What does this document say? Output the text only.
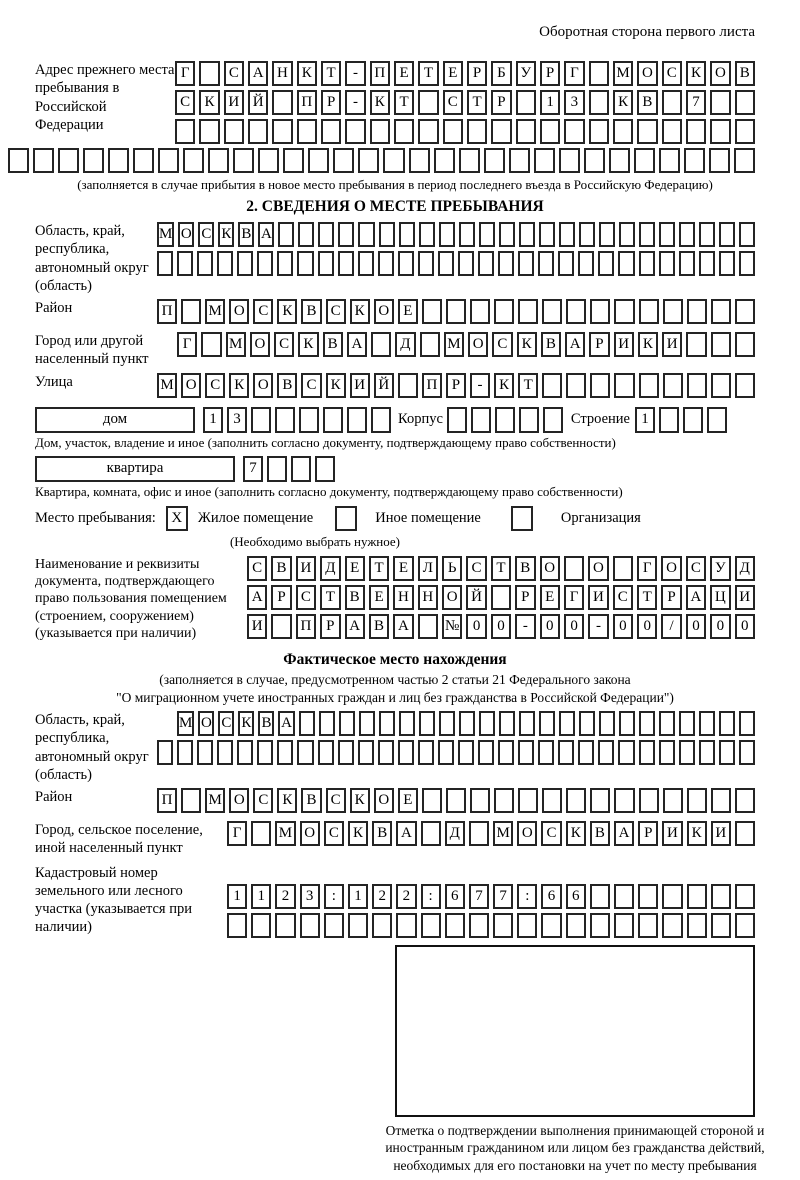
Оборотная сторона первого листа
Адрес прежнего места пребывания в Российской Федерации
Г	С А Н К Т	-	П Е	Т	Е	Р	Б У Р	Г	М О С К О В
С К И Й	П Р	-	К Т	С Т	Р	1	3	К В	7
(заполняется в случае прибытия в новое место пребывания в период последнего въезда в Российскую Федерацию)
2. СВЕДЕНИЯ О МЕСТЕ ПРЕБЫВАНИЯ
Область, край, республика, автономный округ (область)
М О С К В А
Район	П	М О С К В С К О Е
Город или другой населенный пункт
Г	М О С К В А	Д	М О С К В А Р И К И
Улица	М О С К О В С К И Й	П Р	-	К Т
дом	1	3	Корпус	Строение 1
Дом, участок, владение и иное (заполнить согласно документу, подтверждающему право собственности)
квартира	7
Квартира, комната, офис и иное (заполнить согласно документу, подтверждающему право собственности)
Место пребывания:	X	Жилое помещение	Иное помещение	Организация
(Необходимо выбрать нужное)
Наименование и реквизиты документа, подтверждающего право пользования помещением (строением, сооружением) (указывается при наличии)
С В И Д Е	Т	Е Л Ь	С Т В О	О	Г О С У Д
А Р	С Т В Е Н Н О Й	Р	Е	Г И С Т	Р А Ц И
И	П Р А В А	№ 0	0	-	0	0	-	0	0	/	0	0	0
Фактическое место нахождения
(заполняется в случае, предусмотренном частью 2 статьи 21 Федерального закона
"О миграционном учете иностранных граждан и лиц без гражданства в Российской Федерации")
Область, край, республика, автономный округ (область)
М О С К В А
Район	П	М О С К В С К О Е
Город, сельское поселение, иной населенный пункт
Г	М О С К В А	Д	М О С К В А Р И К И
Кадастровый номер земельного или лесного участка (указывается при наличии)
1	1	2	3	:	1	2	2	:	6	7	7	:	6	6
Отметка о подтверждении выполнения принимающей стороной и иностранным гражданином или лицом без гражданства действий, необходимых для его постановки на учет по месту пребывания
